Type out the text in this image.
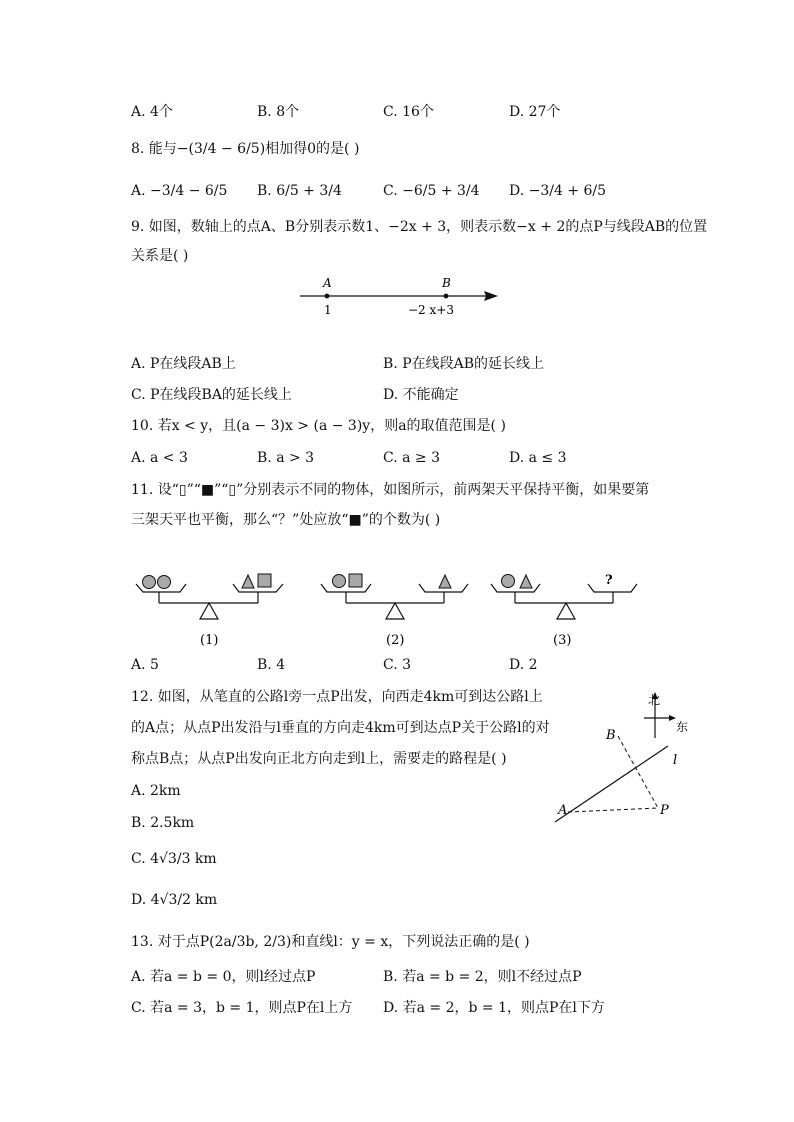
A. 4个	B. 8个	C. 16个	D. 27个
8. 能与−(3/4 − 6/5)相加得0的是( )
A. −3/4 − 6/5 B. 6/5 + 3/4	C. −6/5 + 3/4 D. −3/4 + 6/5
9. 如图，数轴上的点A、B分别表示数1、−2x + 3，则表示数−x + 2的点P与线段AB的位置
关系是( )
A	B
1	−2 x+3
A. P在线段AB上	B. P在线段AB的延长线上
C. P在线段BA的延长线上	D. 不能确定
10. 若x < y，且(a − 3)x > (a − 3)y，则a的取值范围是( )
A. a < 3	B. a > 3	C. a ≥ 3	D. a ≤ 3
11. 设“▯”“■”“▯”分别表示不同的物体，如图所示，前两架天平保持平衡，如果要第
三架天平也平衡，那么“？”处应放“■”的个数为( )
(1)	(2)
?
(3)
A. 5	B. 4	C. 3	D. 2
12. 如图，从笔直的公路l旁一点P出发，向西走4km可到达公路l上
的A点；从点P出发沿与l垂直的方向走4km可到达点P关于公路l的对
称点B点；从点P出发向正北方向走到l上，需要走的路程是( )
A. 2km
B. 2.5km
C. 4√3/3 km
D. 4√3/2 km
北
东
B
l
A	P
13. 对于点P(2a/3b, 2/3)和直线l：y = x，下列说法正确的是( )
A. 若a = b = 0，则l经过点P	B. 若a = b = 2，则l不经过点P
C. 若a = 3，b = 1，则点P在l上方 D. 若a = 2，b = 1，则点P在l下方
